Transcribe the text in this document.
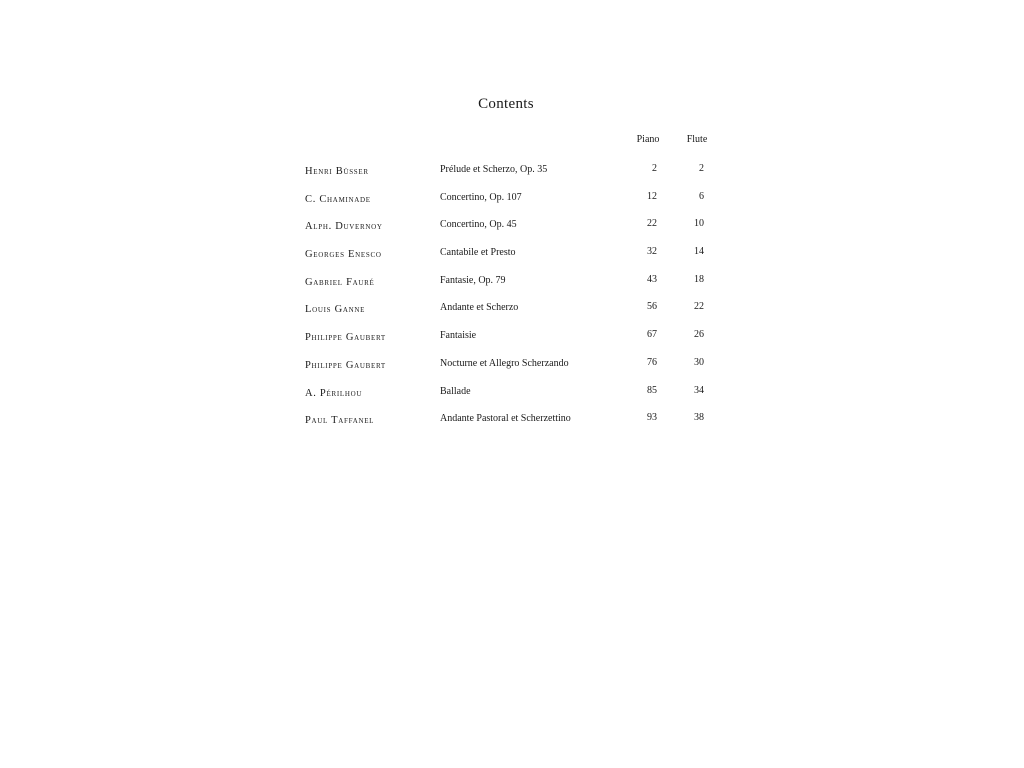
Contents
Piano	Flute
Henri Büsser	Prélude et Scherzo, Op. 35	2	2
C. Chaminade	Concertino, Op. 107	12	6
Alph. Duvernoy	Concertino, Op. 45	22	10
Georges Enesco	Cantabile et Presto	32	14
Gabriel Fauré	Fantasie, Op. 79	43	18
Louis Ganne	Andante et Scherzo	56	22
Philippe Gaubert	Fantaisie	67	26
Philippe Gaubert	Nocturne et Allegro Scherzando	76	30
A. Périlhou	Ballade	85	34
Paul Taffanel	Andante Pastoral et Scherzettino	93	38
